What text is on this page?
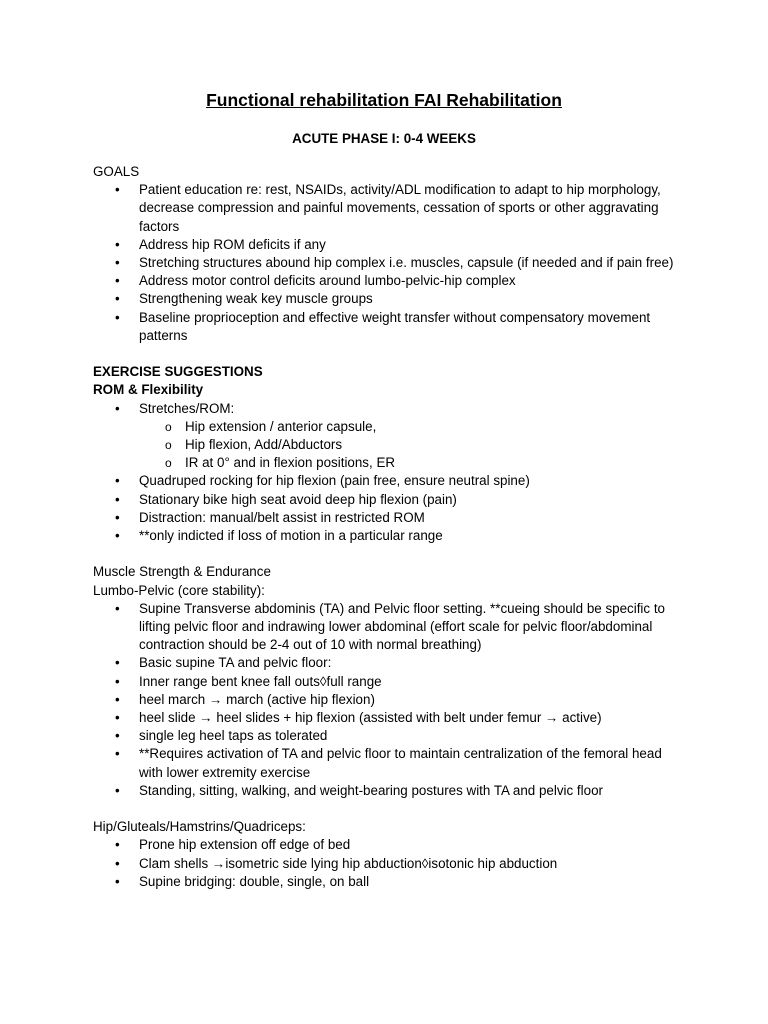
Functional rehabilitation FAI Rehabilitation
ACUTE PHASE I: 0-4 WEEKS
GOALS
• Patient education re: rest, NSAIDs, activity/ADL modification to adapt to hip morphology, decrease compression and painful movements, cessation of sports or other aggravating factors
• Address hip ROM deficits if any
• Stretching structures abound hip complex i.e. muscles, capsule (if needed and if pain free)
• Address motor control deficits around lumbo-pelvic-hip complex
• Strengthening weak key muscle groups
• Baseline proprioception and effective weight transfer without compensatory movement patterns
EXERCISE SUGGESTIONS
ROM & Flexibility
• Stretches/ROM:
o Hip extension / anterior capsule,
o Hip flexion, Add/Abductors
o IR at 0° and in flexion positions, ER
• Quadruped rocking for hip flexion (pain free, ensure neutral spine)
• Stationary bike high seat avoid deep hip flexion (pain)
• Distraction: manual/belt assist in restricted ROM
• **only indicted if loss of motion in a particular range
Muscle Strength & Endurance
Lumbo-Pelvic (core stability):
• Supine Transverse abdominis (TA) and Pelvic floor setting. **cueing should be specific to lifting pelvic floor and indrawing lower abdominal (effort scale for pelvic floor/abdominal contraction should be 2-4 out of 10 with normal breathing)
• Basic supine TA and pelvic floor:
• Inner range bent knee fall outs◊full range
• heel march → march (active hip flexion)
• heel slide → heel slides + hip flexion (assisted with belt under femur → active)
• single leg heel taps as tolerated
• **Requires activation of TA and pelvic floor to maintain centralization of the femoral head with lower extremity exercise
• Standing, sitting, walking, and weight-bearing postures with TA and pelvic floor
Hip/Gluteals/Hamstrins/Quadriceps:
• Prone hip extension off edge of bed
• Clam shells →isometric side lying hip abduction◊isotonic hip abduction
• Supine bridging: double, single, on ball
